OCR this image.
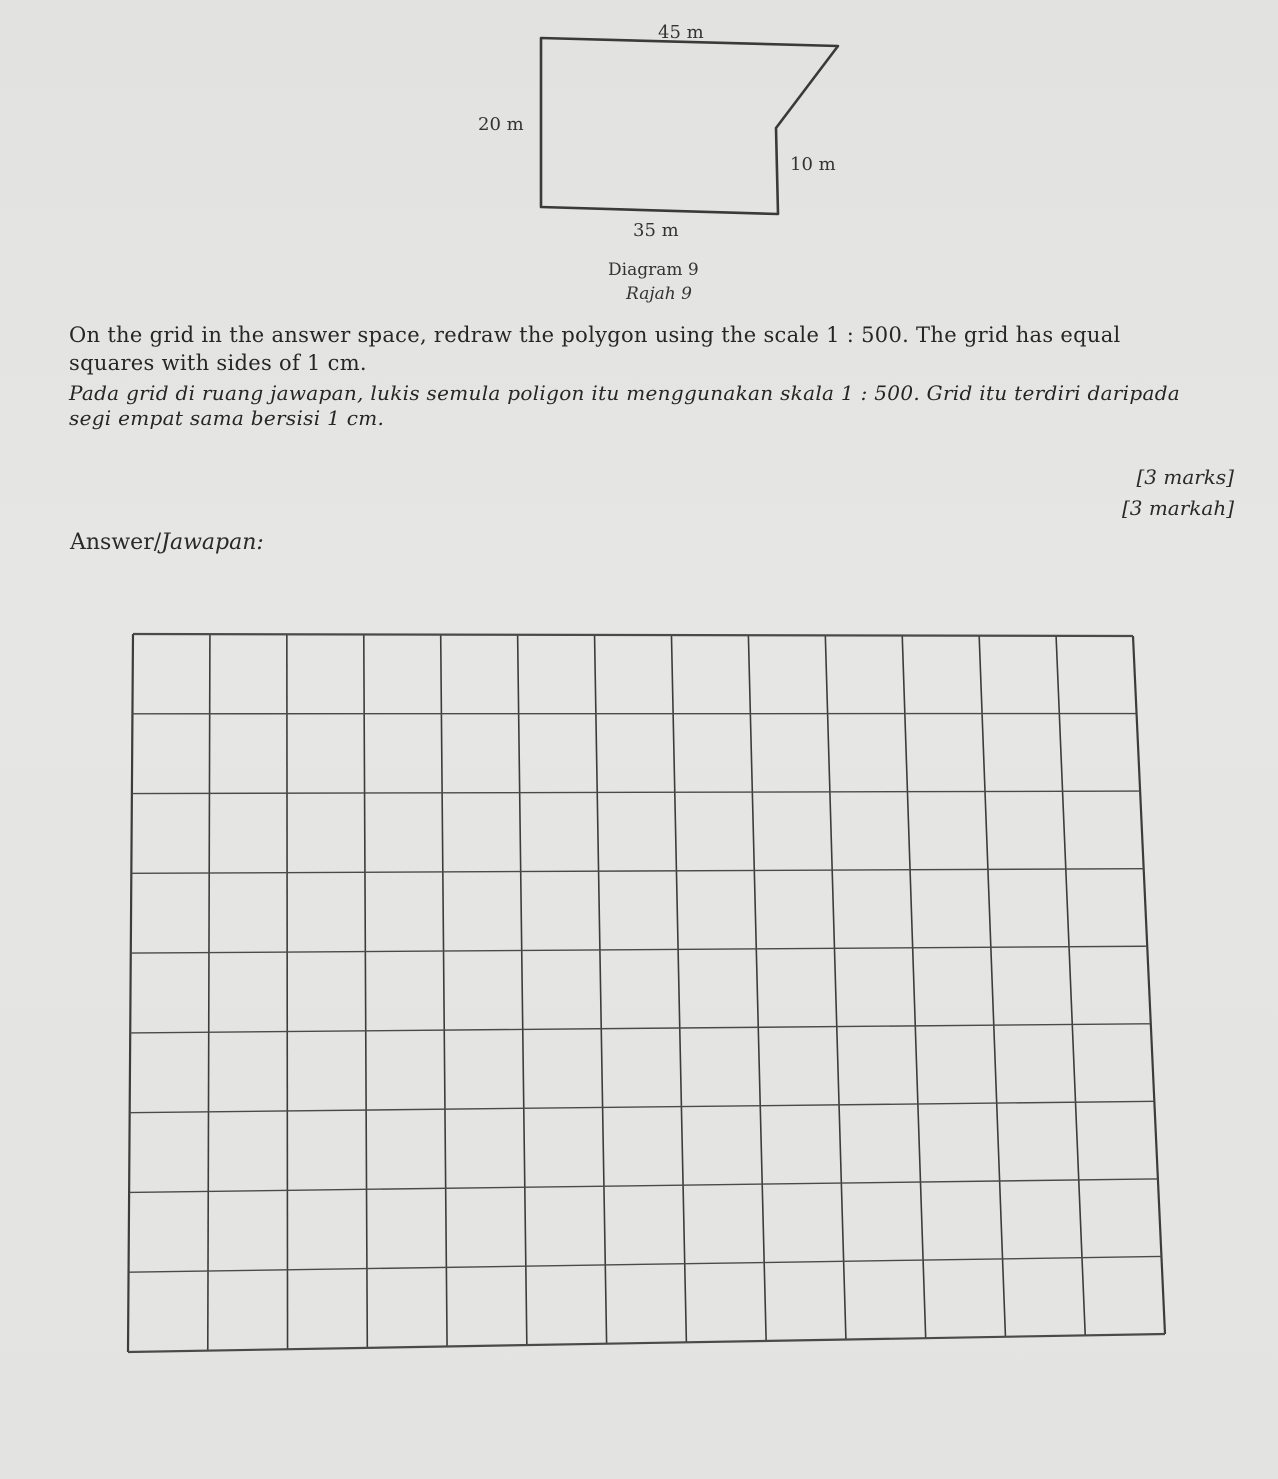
45 m
20 m
10 m
35 m
Diagram 9
Rajah 9
On the grid in the answer space, redraw the polygon using the scale 1 : 500. The grid has equal
squares with sides of 1 cm.
Pada grid di ruang jawapan, lukis semula poligon itu menggunakan skala 1 : 500. Grid itu terdiri daripada
segi empat sama bersisi 1 cm.
[3 marks]
[3 markah]
Answer/Jawapan:
